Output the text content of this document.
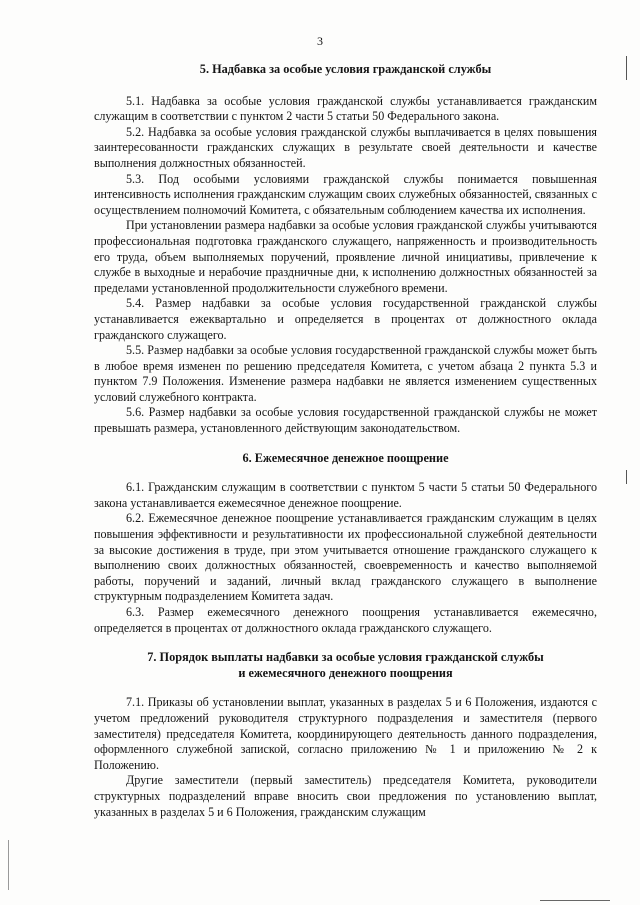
3
5. Надбавка за особые условия гражданской службы

5.1. Надбавка за особые условия гражданской службы устанавливается гражданским служащим в соответствии с пунктом 2 части 5 статьи 50 Федерального закона.

5.2. Надбавка за особые условия гражданской службы выплачивается в целях повышения заинтересованности гражданских служащих в результате своей деятельности и качестве выполнения должностных обязанностей.

5.3. Под особыми условиями гражданской службы понимается повышенная интенсивность исполнения гражданским служащим своих служебных обязанностей, связанных с осуществлением полномочий Комитета, с обязательным соблюдением качества их исполнения.

При установлении размера надбавки за особые условия гражданской службы учитываются профессиональная подготовка гражданского служащего, напряженность и производительность его труда, объем выполняемых поручений, проявление личной инициативы, привлечение к службе в выходные и нерабочие праздничные дни, к исполнению должностных обязанностей за пределами установленной продолжительности служебного времени.

5.4. Размер надбавки за особые условия государственной гражданской службы устанавливается ежеквартально и определяется в процентах от должностного оклада гражданского служащего.

5.5. Размер надбавки за особые условия государственной гражданской службы может быть в любое время изменен по решению председателя Комитета, с учетом абзаца 2 пункта 5.3 и пунктом 7.9 Положения. Изменение размера надбавки не является изменением существенных условий служебного контракта.

5.6. Размер надбавки за особые условия государственной гражданской службы не может превышать размера, установленного действующим законодательством.

6. Ежемесячное денежное поощрение

6.1. Гражданским служащим в соответствии с пунктом 5 части 5 статьи 50 Федерального закона устанавливается ежемесячное денежное поощрение.

6.2. Ежемесячное денежное поощрение устанавливается гражданским служащим в целях повышения эффективности и результативности их профессиональной служебной деятельности за высокие достижения в труде, при этом учитывается отношение гражданского служащего к выполнению своих должностных обязанностей, своевременность и качество выполняемой работы, поручений и заданий, личный вклад гражданского служащего в выполнение структурным подразделением Комитета задач.

6.3. Размер ежемесячного денежного поощрения устанавливается ежемесячно, определяется в процентах от должностного оклада гражданского служащего.

7. Порядок выплаты надбавки за особые условия гражданской службы
и ежемесячного денежного поощрения

7.1. Приказы об установлении выплат, указанных в разделах 5 и 6 Положения, издаются с учетом предложений руководителя структурного подразделения и заместителя (первого заместителя) председателя Комитета, координирующего деятельность данного подразделения, оформленного служебной запиской, согласно приложению № 1 и приложению № 2 к Положению.

Другие заместители (первый заместитель) председателя Комитета, руководители структурных подразделений вправе вносить свои предложения по установлению выплат, указанных в разделах 5 и 6 Положения, гражданским служащим
